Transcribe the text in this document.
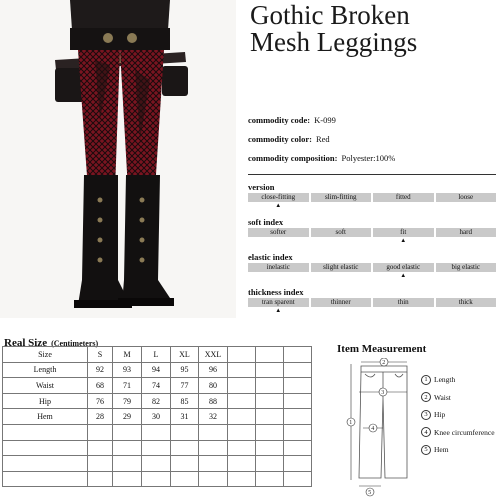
Gothic Broken
Mesh Leggings
commodity code: K-099
commodity color: Red
commodity composition: Polyester:100%
version
close-fitting	slim-fitting	fitted	loose
▲
soft index
softer	soft	fit	hard
▲
elastic index
inelastic	slight elastic	good elastic	big elastic
▲
thickness index
tran sparent	thinner	thin	thick
▲
Real Size (Centimeters)
Size	S	M	L	XL	XXL			
Length	92	93	94	95	96			
Waist	68	71	74	77	80			
Hip	76	79	82	85	88			
Hem	28	29	30	31	32			

Item Measurement
1
2
3
4
5
1 Length
2 Waist
3 Hip
4 Knee circumference
5 Hem
